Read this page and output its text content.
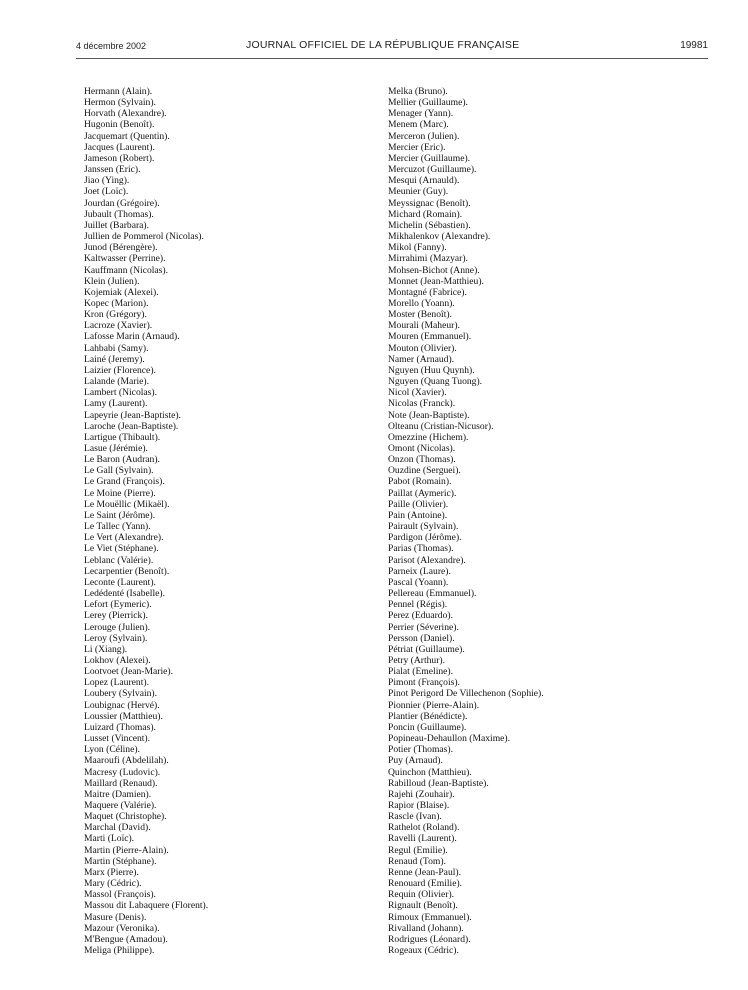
4 décembre 2002	JOURNAL OFFICIEL DE LA RÉPUBLIQUE FRANÇAISE	19981
Hermann (Alain).
Hermon (Sylvain).
Horvath (Alexandre).
Hugonin (Benoît).
Jacquemart (Quentin).
Jacques (Laurent).
Jameson (Robert).
Janssen (Eric).
Jiao (Ying).
Joet (Loïc).
Jourdan (Grégoire).
Jubault (Thomas).
Juillet (Barbara).
Jullien de Pommerol (Nicolas).
Junod (Bérengère).
Kaltwasser (Perrine).
Kauffmann (Nicolas).
Klein (Julien).
Kojemiak (Alexei).
Kopec (Marion).
Kron (Grégory).
Lacroze (Xavier).
Lafosse Marin (Arnaud).
Lahbabi (Samy).
Lainé (Jeremy).
Laizier (Florence).
Lalande (Marie).
Lambert (Nicolas).
Lamy (Laurent).
Lapeyrie (Jean-Baptiste).
Laroche (Jean-Baptiste).
Lartigue (Thibault).
Lasue (Jérémie).
Le Baron (Audran).
Le Gall (Sylvain).
Le Grand (François).
Le Moine (Pierre).
Le Mouëllic (Mikaël).
Le Saint (Jérôme).
Le Tallec (Yann).
Le Vert (Alexandre).
Le Viet (Stéphane).
Leblanc (Valérie).
Lecarpentier (Benoît).
Leconte (Laurent).
Ledédenté (Isabelle).
Lefort (Eymeric).
Lerey (Pierrick).
Lerouge (Julien).
Leroy (Sylvain).
Li (Xiang).
Lokhov (Alexei).
Lootvoet (Jean-Marie).
Lopez (Laurent).
Loubery (Sylvain).
Loubignac (Hervé).
Loussier (Matthieu).
Luizard (Thomas).
Lusset (Vincent).
Lyon (Céline).
Maaroufi (Abdelilah).
Macresy (Ludovic).
Maillard (Renaud).
Maitre (Damien).
Maquere (Valérie).
Maquet (Christophe).
Marchal (David).
Marti (Loïc).
Martin (Pierre-Alain).
Martin (Stéphane).
Marx (Pierre).
Mary (Cédric).
Massol (François).
Massou dit Labaquere (Florent).
Masure (Denis).
Mazour (Veronika).
M'Bengue (Amadou).
Meliga (Philippe).
Melka (Bruno).
Mellier (Guillaume).
Menager (Yann).
Menem (Marc).
Merceron (Julien).
Mercier (Eric).
Mercier (Guillaume).
Mercuzot (Guillaume).
Mesqui (Arnauld).
Meunier (Guy).
Meyssignac (Benoît).
Michard (Romain).
Michelin (Sébastien).
Mikhalenkov (Alexandre).
Mikol (Fanny).
Mirrahimi (Mazyar).
Mohsen-Bichot (Anne).
Monnet (Jean-Matthieu).
Montagné (Fabrice).
Morello (Yoann).
Moster (Benoît).
Mourali (Maheur).
Mouren (Emmanuel).
Mouton (Olivier).
Namer (Arnaud).
Nguyen (Huu Quynh).
Nguyen (Quang Tuong).
Nicol (Xavier).
Nicolas (Franck).
Note (Jean-Baptiste).
Olteanu (Cristian-Nicusor).
Omezzine (Hichem).
Omont (Nicolas).
Onzon (Thomas).
Ouzdine (Serguei).
Pabot (Romain).
Paillat (Aymeric).
Paille (Olivier).
Pain (Antoine).
Pairault (Sylvain).
Pardigon (Jérôme).
Parias (Thomas).
Parisot (Alexandre).
Parneix (Laure).
Pascal (Yoann).
Pellereau (Emmanuel).
Pennel (Régis).
Perez (Eduardo).
Perrier (Séverine).
Persson (Daniel).
Pétriat (Guillaume).
Petry (Arthur).
Pialat (Emeline).
Pimont (François).
Pinot Perigord De Villechenon (Sophie).
Pionnier (Pierre-Alain).
Plantier (Bénédicte).
Poncin (Guillaume).
Popineau-Dehaullon (Maxime).
Potier (Thomas).
Puy (Arnaud).
Quinchon (Matthieu).
Rabilloud (Jean-Baptiste).
Rajehi (Zouhair).
Rapior (Blaise).
Rascle (Ivan).
Rathelot (Roland).
Ravelli (Laurent).
Regul (Emilie).
Renaud (Tom).
Renne (Jean-Paul).
Renouard (Emilie).
Requin (Olivier).
Rignault (Benoît).
Rimoux (Emmanuel).
Rivalland (Johann).
Rodrigues (Léonard).
Rogeaux (Cédric).
